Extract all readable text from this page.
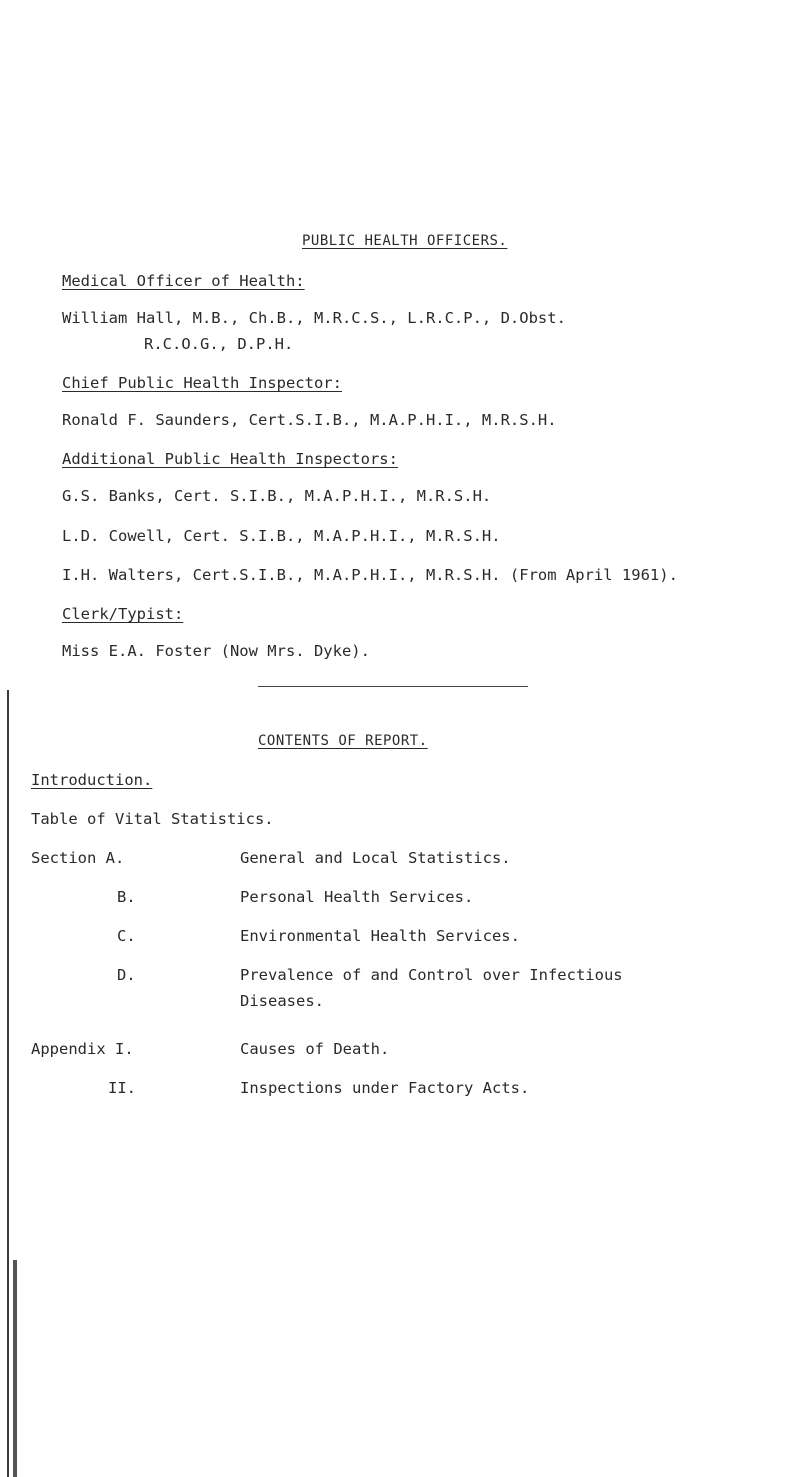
PUBLIC HEALTH OFFICERS.
Medical Officer of Health:
William Hall, M.B., Ch.B., M.R.C.S., L.R.C.P., D.Obst.
R.C.O.G., D.P.H.
Chief Public Health Inspector:
Ronald F. Saunders, Cert.S.I.B., M.A.P.H.I., M.R.S.H.
Additional Public Health Inspectors:
G.S. Banks, Cert. S.I.B., M.A.P.H.I., M.R.S.H.
L.D. Cowell, Cert. S.I.B., M.A.P.H.I., M.R.S.H.
I.H. Walters, Cert.S.I.B., M.A.P.H.I., M.R.S.H. (From April 1961).
Clerk/Typist:
Miss E.A. Foster (Now Mrs. Dyke).
CONTENTS OF REPORT.
Introduction.
Table of Vital Statistics.
Section A.	General and Local Statistics.
B.	Personal Health Services.
C.	Environmental Health Services.
D.	Prevalence of and Control over Infectious
Diseases.
Appendix I.	Causes of Death.
II.	Inspections under Factory Acts.
